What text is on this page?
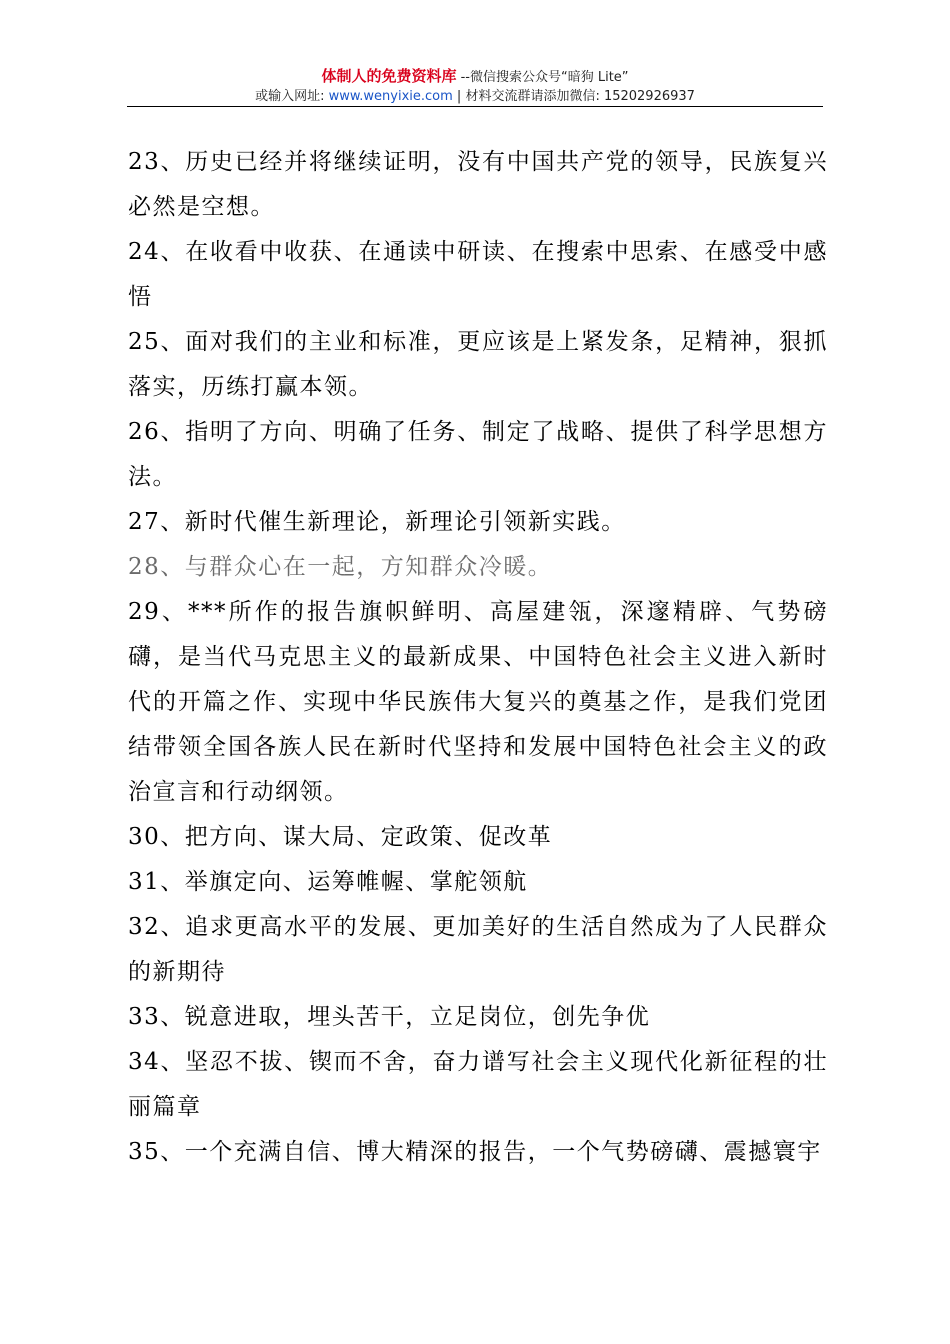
体制人的免费资料库 --微信搜索公众号“暗狗 Lite”
或输入网址: www.wenyixie.com | 材料交流群请添加微信: 15202926937

23、历史已经并将继续证明，没有中国共产党的领导，民族复兴必然是空想。

24、在收看中收获、在通读中研读、在搜索中思索、在感受中感悟

25、面对我们的主业和标准，更应该是上紧发条，足精神，狠抓落实，历练打赢本领。

26、指明了方向、明确了任务、制定了战略、提供了科学思想方法。

27、新时代催生新理论，新理论引领新实践。

28、与群众心在一起，方知群众冷暖。

29、***所作的报告旗帜鲜明、高屋建瓴，深邃精辟、气势磅礴，是当代马克思主义的最新成果、中国特色社会主义进入新时代的开篇之作、实现中华民族伟大复兴的奠基之作，是我们党团结带领全国各族人民在新时代坚持和发展中国特色社会主义的政治宣言和行动纲领。

30、把方向、谋大局、定政策、促改革

31、举旗定向、运筹帷幄、掌舵领航

32、追求更高水平的发展、更加美好的生活自然成为了人民群众的新期待

33、锐意进取，埋头苦干，立足岗位，创先争优

34、坚忍不拔、锲而不舍，奋力谱写社会主义现代化新征程的壮丽篇章

35、一个充满自信、博大精深的报告，一个气势磅礴、震撼寰宇
